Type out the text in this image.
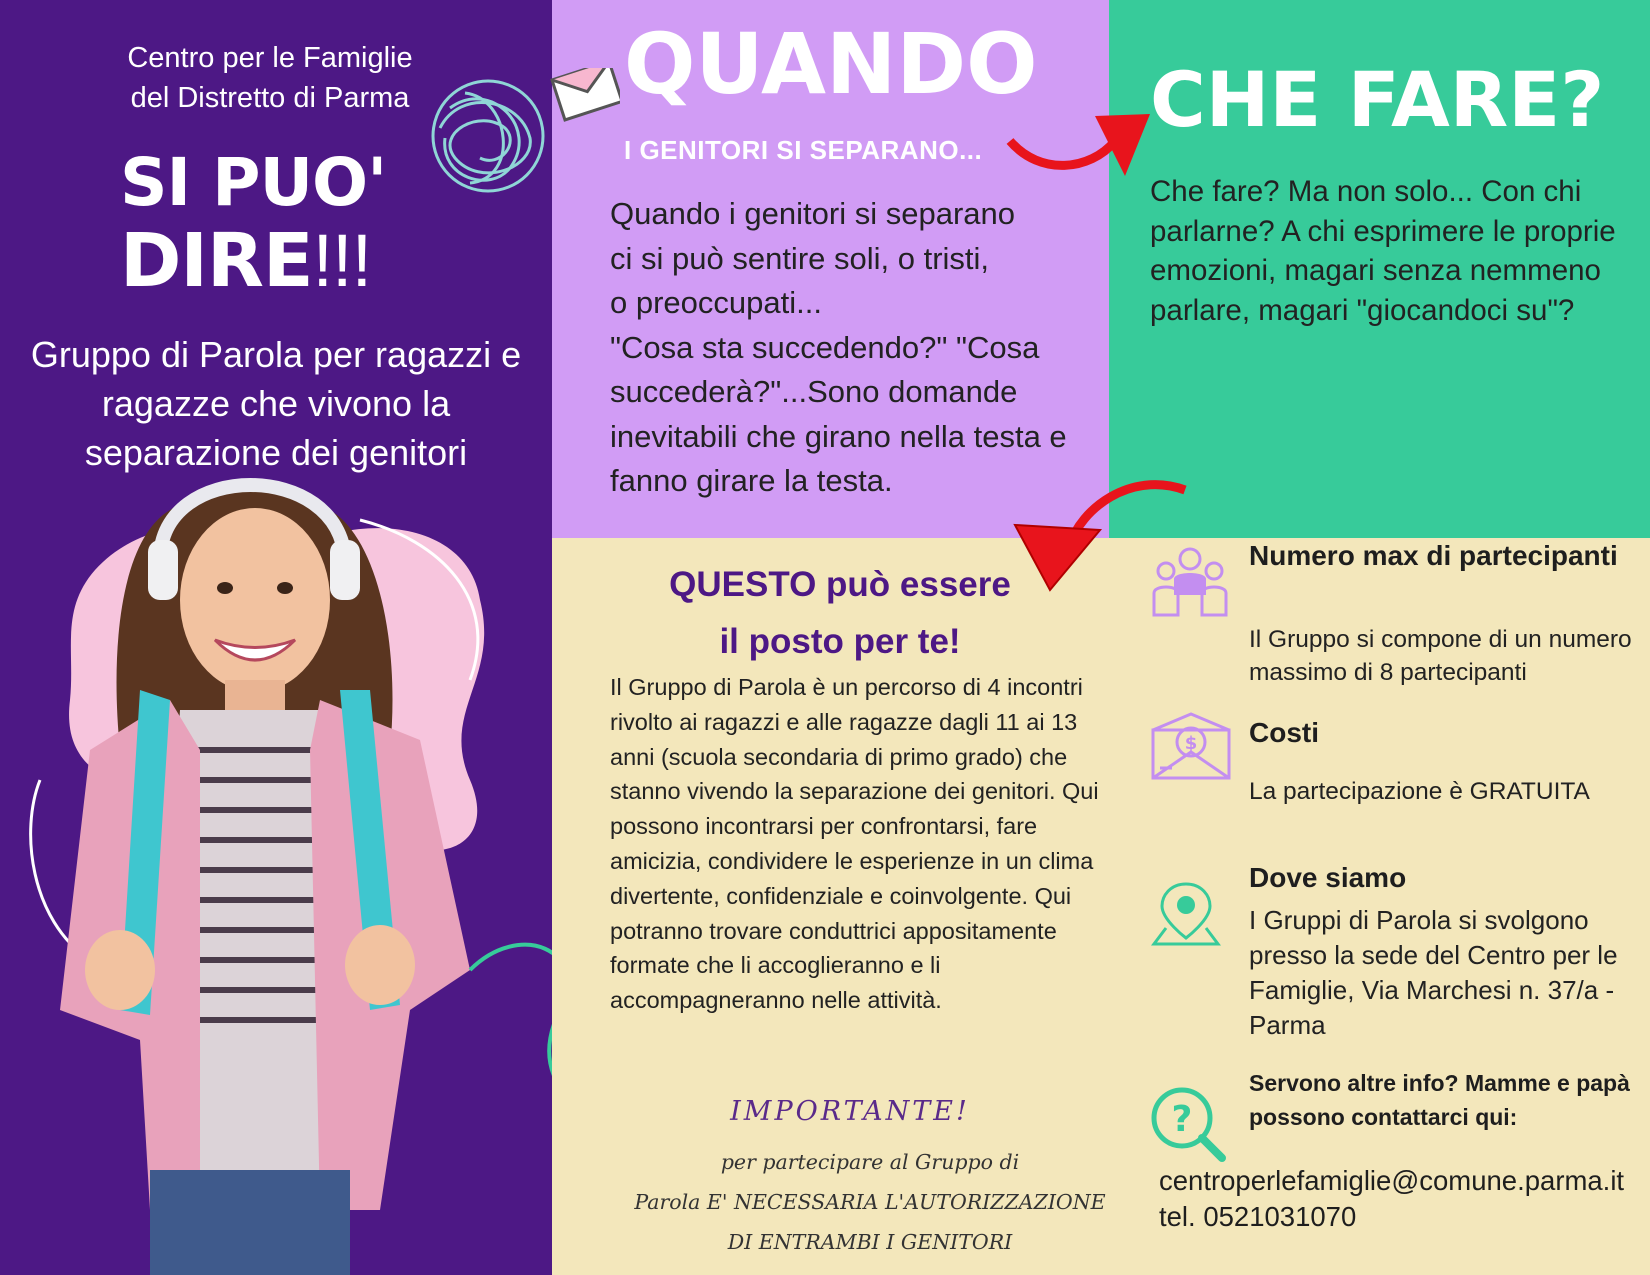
Centro per le Famiglie
del Distretto di Parma
SI PUO'
DIRE!!!
Gruppo di Parola per ragazzi e ragazze che vivono la separazione dei genitori
QUANDO
I GENITORI SI SEPARANO...
Quando i genitori si separano
ci si può sentire soli, o tristi,
o preoccupati...
"Cosa sta succedendo?" "Cosa succederà?"...Sono domande inevitabili che girano nella testa e fanno girare la testa.
CHE FARE?
Che fare? Ma non solo... Con chi parlarne? A chi esprimere le proprie emozioni, magari senza nemmeno parlare, magari "giocandoci su"?
QUESTO può essere
il posto per te!
Il Gruppo di Parola è un percorso di 4 incontri rivolto ai ragazzi e alle ragazze dagli 11 ai 13 anni (scuola secondaria di primo grado) che stanno vivendo la separazione dei genitori. Qui possono incontrarsi per confrontarsi, fare amicizia, condividere le esperienze in un clima divertente, confidenziale e coinvolgente. Qui potranno trovare conduttrici appositamente formate che li accoglieranno e li accompagneranno nelle attività.
IMPORTANTE!
per partecipare al Gruppo di
Parola E' NECESSARIA L'AUTORIZZAZIONE
DI ENTRAMBI I GENITORI
$
?
Numero max di partecipanti
Il Gruppo si compone di un numero massimo di 8 partecipanti
Costi
La partecipazione è GRATUITA
Dove siamo
I Gruppi di Parola si svolgono presso la sede del Centro per le Famiglie, Via Marchesi n. 37/a - Parma
Servono altre info? Mamme e papà possono contattarci qui:
centroperlefamiglie@comune.parma.it
tel. 0521031070
